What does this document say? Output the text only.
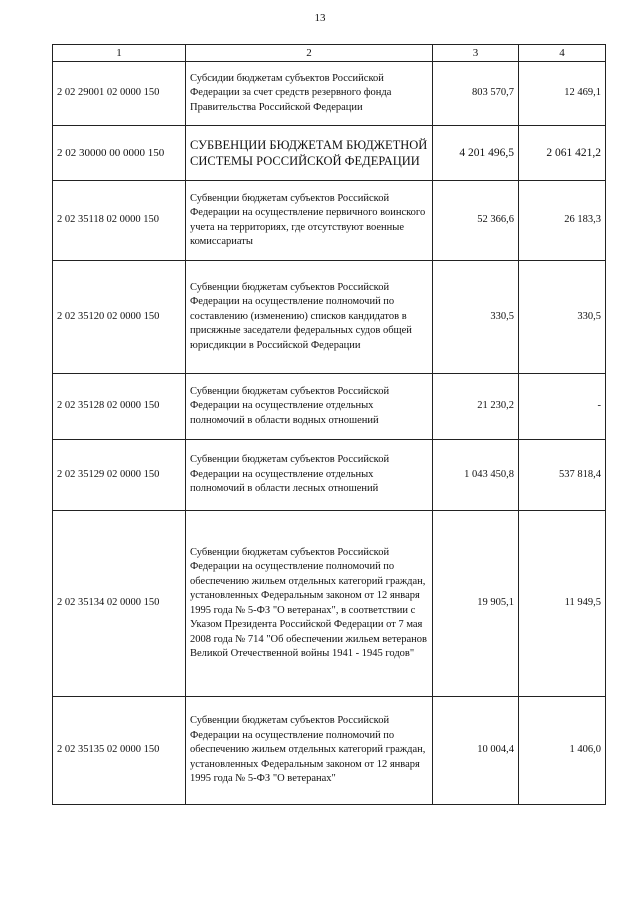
13
1	2	3	4
2 02 29001 02 0000 150	Субсидии бюджетам субъектов Российской Федерации за счет средств резервного фонда Правительства Российской Федерации	803 570,7	12 469,1
2 02 30000 00 0000 150	СУБВЕНЦИИ БЮДЖЕТАМ БЮДЖЕТНОЙ СИСТЕМЫ РОССИЙСКОЙ ФЕДЕРАЦИИ	4 201 496,5	2 061 421,2
2 02 35118 02 0000 150	Субвенции бюджетам субъектов Российской Федерации на осуществление первичного воинского учета на территориях, где отсутствуют военные комиссариаты	52 366,6	26 183,3
2 02 35120 02 0000 150	Субвенции бюджетам субъектов Российской Федерации на осуществление полномочий по составлению (изменению) списков кандидатов в присяжные заседатели федеральных судов общей юрисдикции в Российской Федерации	330,5	330,5
2 02 35128 02 0000 150	Субвенции бюджетам субъектов Российской Федерации на осуществление отдельных полномочий в области водных отношений	21 230,2	-
2 02 35129 02 0000 150	Субвенции бюджетам субъектов Российской Федерации на осуществление отдельных полномочий в области лесных отношений	1 043 450,8	537 818,4
2 02 35134 02 0000 150	Субвенции бюджетам субъектов Российской Федерации на осуществление полномочий по обеспечению жильем отдельных категорий граждан, установленных Федеральным законом от 12 января 1995 года № 5-ФЗ "О ветеранах", в соответствии с Указом Президента Российской Федерации от 7 мая 2008 года № 714 "Об обеспечении жильем ветеранов Великой Отечественной войны 1941 - 1945 годов"	19 905,1	11 949,5
2 02 35135 02 0000 150	Субвенции бюджетам субъектов Российской Федерации на осуществление полномочий по обеспечению жильем отдельных категорий граждан, установленных Федеральным законом от 12 января 1995 года № 5-ФЗ "О ветеранах"	10 004,4	1 406,0
